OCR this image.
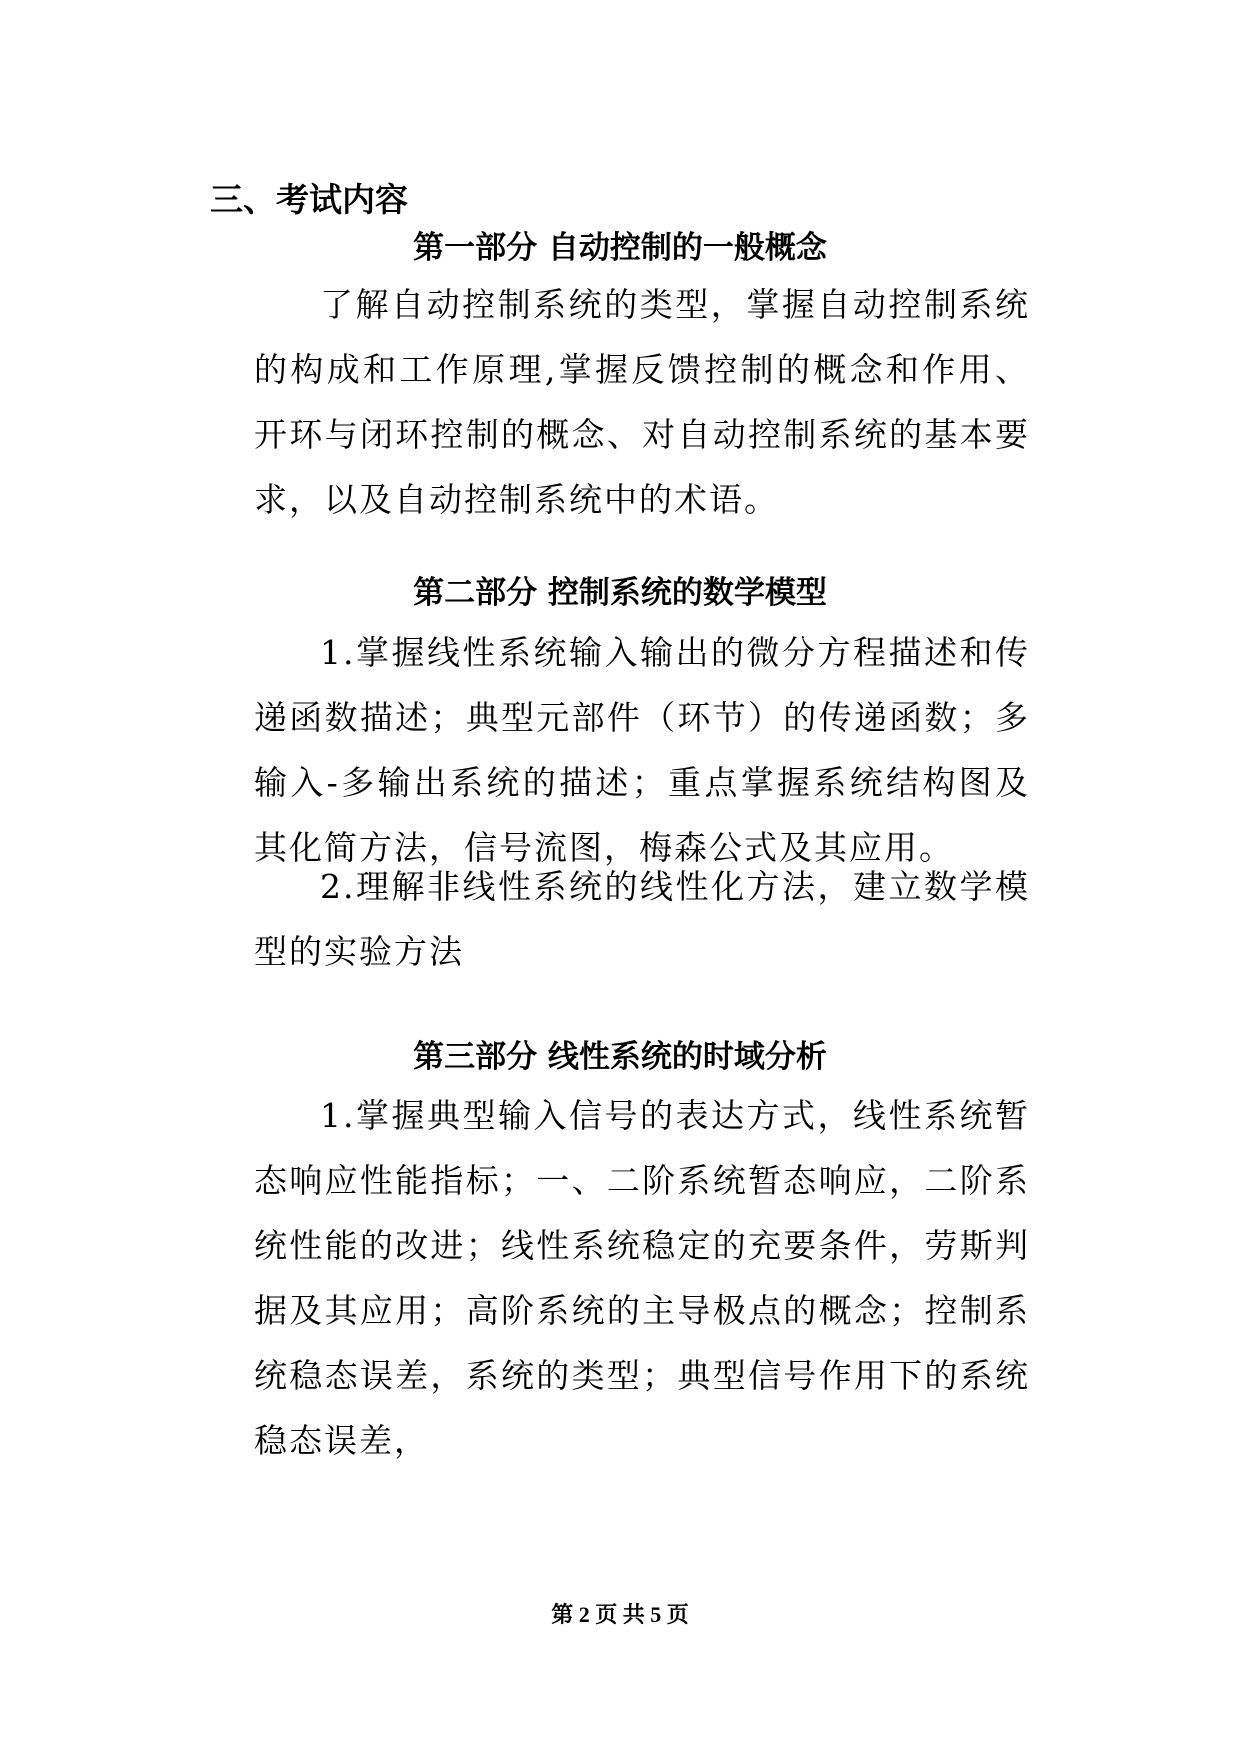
三、考试内容
第一部分 自动控制的一般概念
了解自动控制系统的类型，掌握自动控制系统的构成和工作原理,掌握反馈控制的概念和作用、开环与闭环控制的概念、对自动控制系统的基本要求，以及自动控制系统中的术语。
第二部分 控制系统的数学模型
1.掌握线性系统输入输出的微分方程描述和传递函数描述；典型元部件（环节）的传递函数；多输入-多输出系统的描述；重点掌握系统结构图及其化简方法，信号流图，梅森公式及其应用。
2.理解非线性系统的线性化方法，建立数学模型的实验方法
第三部分 线性系统的时域分析
1.掌握典型输入信号的表达方式，线性系统暂态响应性能指标；一、二阶系统暂态响应，二阶系统性能的改进；线性系统稳定的充要条件，劳斯判据及其应用；高阶系统的主导极点的概念；控制系统稳态误差，系统的类型；典型信号作用下的系统稳态误差，
第 2 页 共 5 页
